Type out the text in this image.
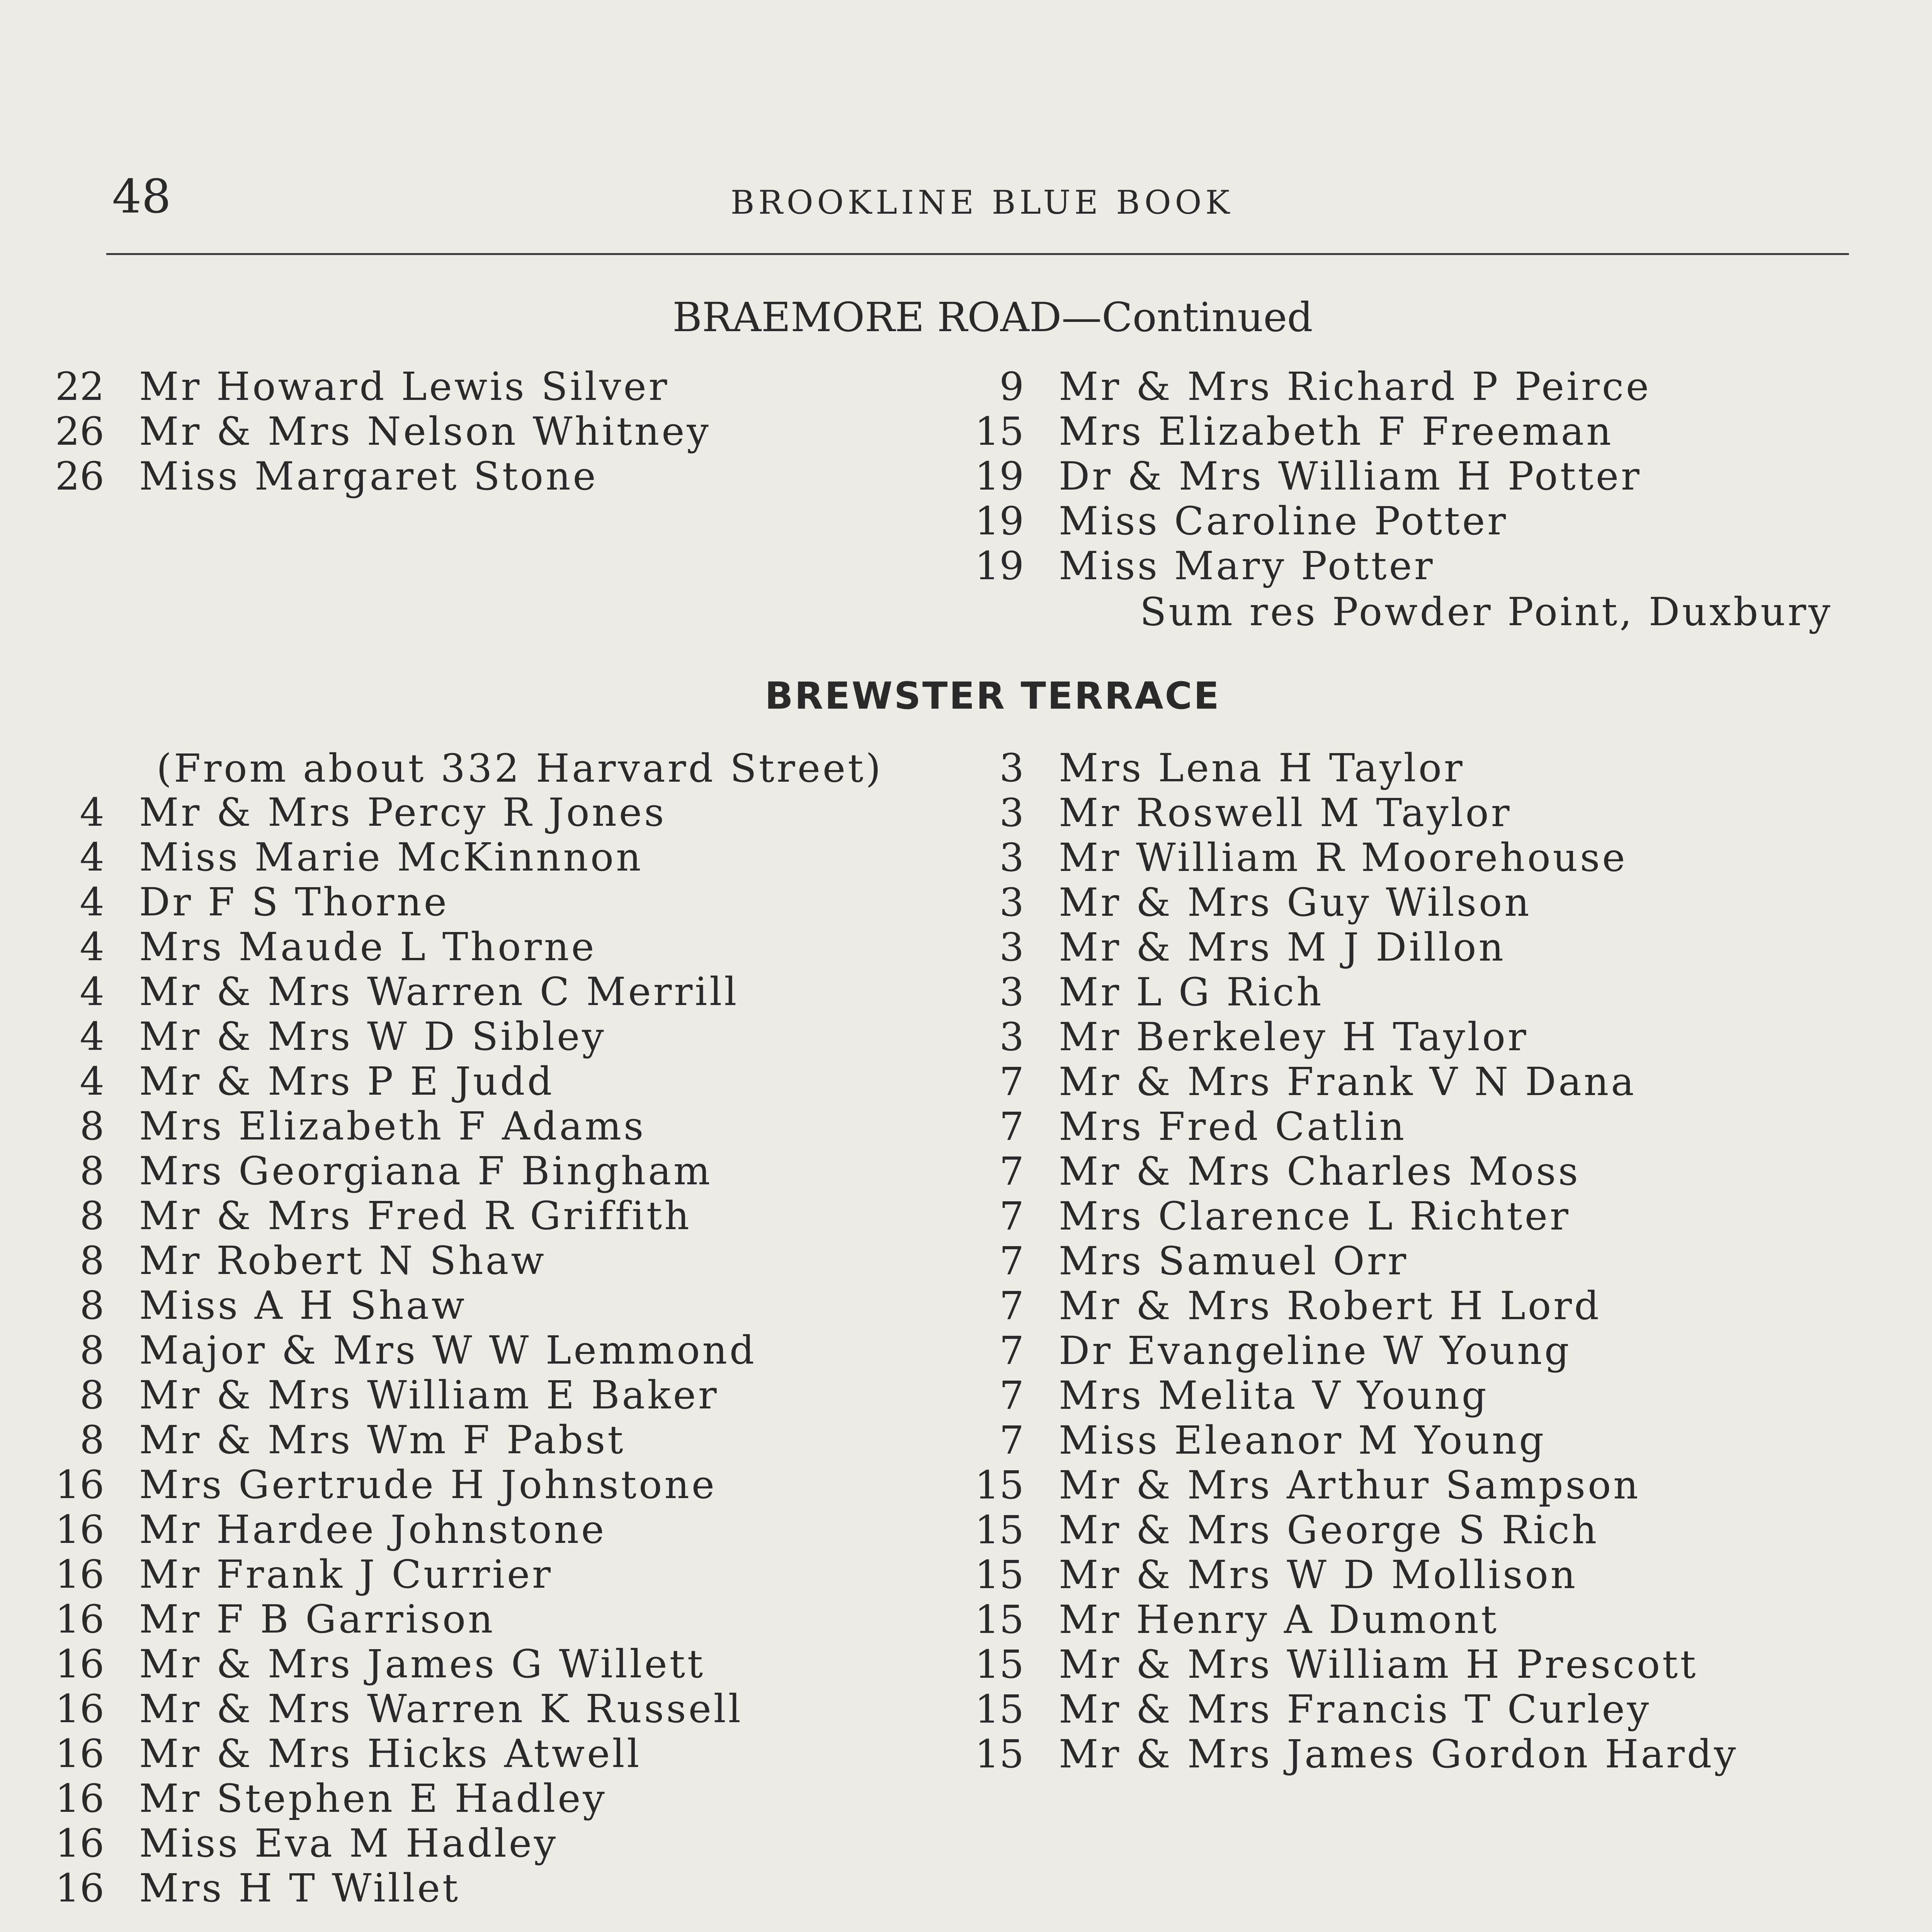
48	BROOKLINE BLUE BOOK
BRAEMORE ROAD—Continued
22 Mr Howard Lewis Silver
26 Mr & Mrs Nelson Whitney
26 Miss Margaret Stone
9 Mr & Mrs Richard P Peirce
15 Mrs Elizabeth F Freeman
19 Dr & Mrs William H Potter
19 Miss Caroline Potter
19 Miss Mary Potter
Sum res Powder Point, Duxbury
BREWSTER TERRACE
(From about 332 Harvard Street)
4 Mr & Mrs Percy R Jones
4 Miss Marie McKinnnon
4 Dr F S Thorne
4 Mrs Maude L Thorne
4 Mr & Mrs Warren C Merrill
4 Mr & Mrs W D Sibley
4 Mr & Mrs P E Judd
8 Mrs Elizabeth F Adams
8 Mrs Georgiana F Bingham
8 Mr & Mrs Fred R Griffith
8 Mr Robert N Shaw
8 Miss A H Shaw
8 Major & Mrs W W Lemmond
8 Mr & Mrs William E Baker
8 Mr & Mrs Wm F Pabst
16 Mrs Gertrude H Johnstone
16 Mr Hardee Johnstone
16 Mr Frank J Currier
16 Mr F B Garrison
16 Mr & Mrs James G Willett
16 Mr & Mrs Warren K Russell
16 Mr & Mrs Hicks Atwell
16 Mr Stephen E Hadley
16 Miss Eva M Hadley
16 Mrs H T Willet
3 Mrs Lena H Taylor
3 Mr Roswell M Taylor
3 Mr William R Moorehouse
3 Mr & Mrs Guy Wilson
3 Mr & Mrs M J Dillon
3 Mr L G Rich
3 Mr Berkeley H Taylor
7 Mr & Mrs Frank V N Dana
7 Mrs Fred Catlin
7 Mr & Mrs Charles Moss
7 Mrs Clarence L Richter
7 Mrs Samuel Orr
7 Mr & Mrs Robert H Lord
7 Dr Evangeline W Young
7 Mrs Melita V Young
7 Miss Eleanor M Young
15 Mr & Mrs Arthur Sampson
15 Mr & Mrs George S Rich
15 Mr & Mrs W D Mollison
15 Mr Henry A Dumont
15 Mr & Mrs William H Prescott
15 Mr & Mrs Francis T Curley
15 Mr & Mrs James Gordon Hardy
